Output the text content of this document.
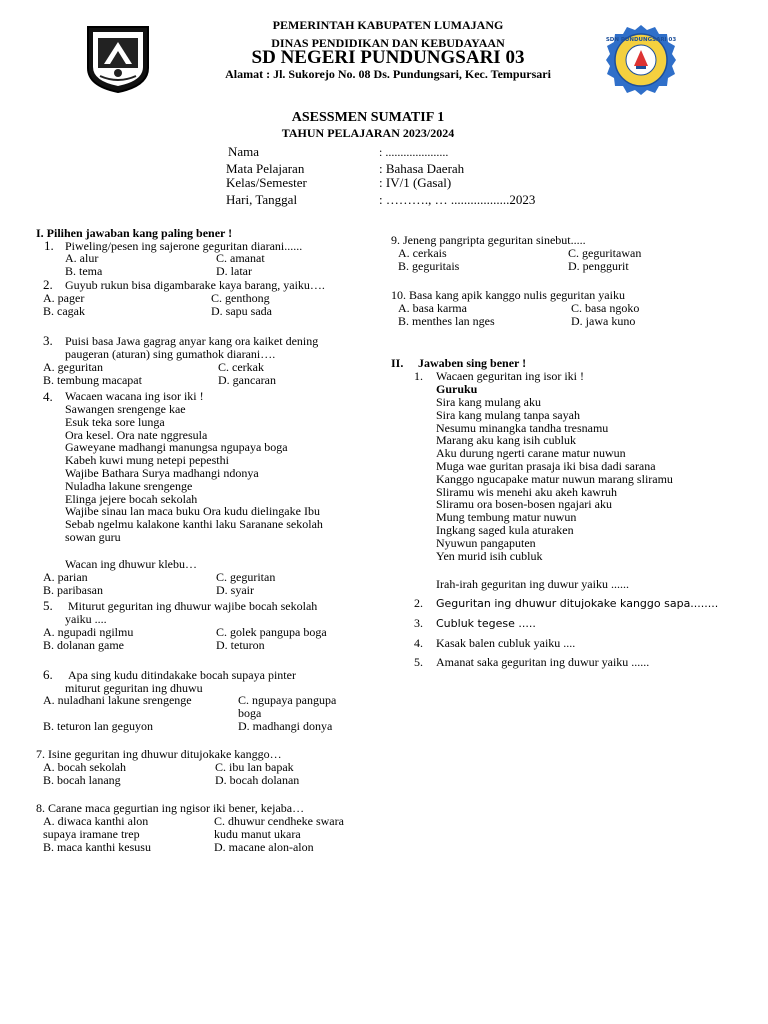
PEMERINTAH KABUPATEN LUMAJANG
DINAS PENDIDIKAN DAN KEBUDAYAAN
SD NEGERI PUNDUNGSARI 03
Alamat : Jl. Sukorejo No. 08 Ds. Pundungsari, Kec. Tempursari
SDN PUNDUNGSARI 03
ASESSMEN SUMATIF 1
TAHUN PELAJARAN 2023/2024
Nama	: .....................
Mata Pelajaran	: Bahasa Daerah
Kelas/Semester	: IV/1 (Gasal)
Hari, Tanggal	: ………., … ..................2023
I. Pilihen jawaban kang paling bener !
1. Piweling/pesen ing sajerone geguritan diarani......
A. alur	C. amanat
B. tema	D. latar
2. Guyub rukun bisa digambarake kaya barang, yaiku….
A. pager	C. genthong
B. cagak	D. sapu sada
3. Puisi basa Jawa gagrag anyar kang ora kaiket dening
paugeran (aturan) sing gumathok diarani….
A. geguritan	C. cerkak
B. tembung macapat	D. gancaran
4. Wacaen wacana ing isor iki !
Sawangen srengenge kae
Esuk teka sore lunga
Ora kesel. Ora nate nggresula
Gaweyane madhangi manungsa ngupaya boga
Kabeh kuwi mung netepi pepesthi
Wajibe Bathara Surya madhangi ndonya
Nuladha lakune srengenge
Elinga jejere bocah sekolah
Wajibe sinau lan maca buku Ora kudu dielingake Ibu
Sebab ngelmu kalakone kanthi laku Saranane sekolah
sowan guru
Wacan ing dhuwur klebu…
A. parian	C. geguritan
B. paribasan	D. syair
5. Miturut geguritan ing dhuwur wajibe bocah sekolah
yaiku ....
A. ngupadi ngilmu	C. golek pangupa boga
B. dolanan game	D. teturon
6. Apa sing kudu ditindakake bocah supaya pinter
miturut geguritan ing dhuwu
A. nuladhani lakune srengenge	C. ngupaya pangupa
boga
B. teturon lan geguyon	D. madhangi donya
7. Isine geguritan ing dhuwur ditujokake kanggo…
A. bocah sekolah	C. ibu lan bapak
B. bocah lanang	D. bocah dolanan
8. Carane maca gegurtian ing ngisor iki bener, kejaba…
A. diwaca kanthi alon	C. dhuwur cendheke swara
supaya iramane trep	kudu manut ukara
B. maca kanthi kesusu	D. macane alon-alon
9. Jeneng pangripta geguritan sinebut.....
A. cerkais	C. geguritawan
B. geguritais	D. penggurit
10. Basa kang apik kanggo nulis geguritan yaiku
A. basa karma	C. basa ngoko
B. menthes lan nges	D. jawa kuno
II. Jawaben sing bener !
1. Wacaen geguritan ing isor iki !
Guruku
Sira kang mulang aku
Sira kang mulang tanpa sayah
Nesumu minangka tandha tresnamu
Marang aku kang isih cubluk
Aku durung ngerti carane matur nuwun
Muga wae guritan prasaja iki bisa dadi sarana
Kanggo ngucapake matur nuwun marang sliramu
Sliramu wis menehi aku akeh kawruh
Sliramu ora bosen-bosen ngajari aku
Mung tembung matur nuwun
Ingkang saged kula aturaken
Nyuwun pangaputen
Yen murid isih cubluk
Irah-irah geguritan ing duwur yaiku ......
2. Geguritan ing dhuwur ditujokake kanggo sapa........
3. Cubluk tegese .....
4. Kasak balen cubluk yaiku ....
5. Amanat saka geguritan ing duwur yaiku ......
